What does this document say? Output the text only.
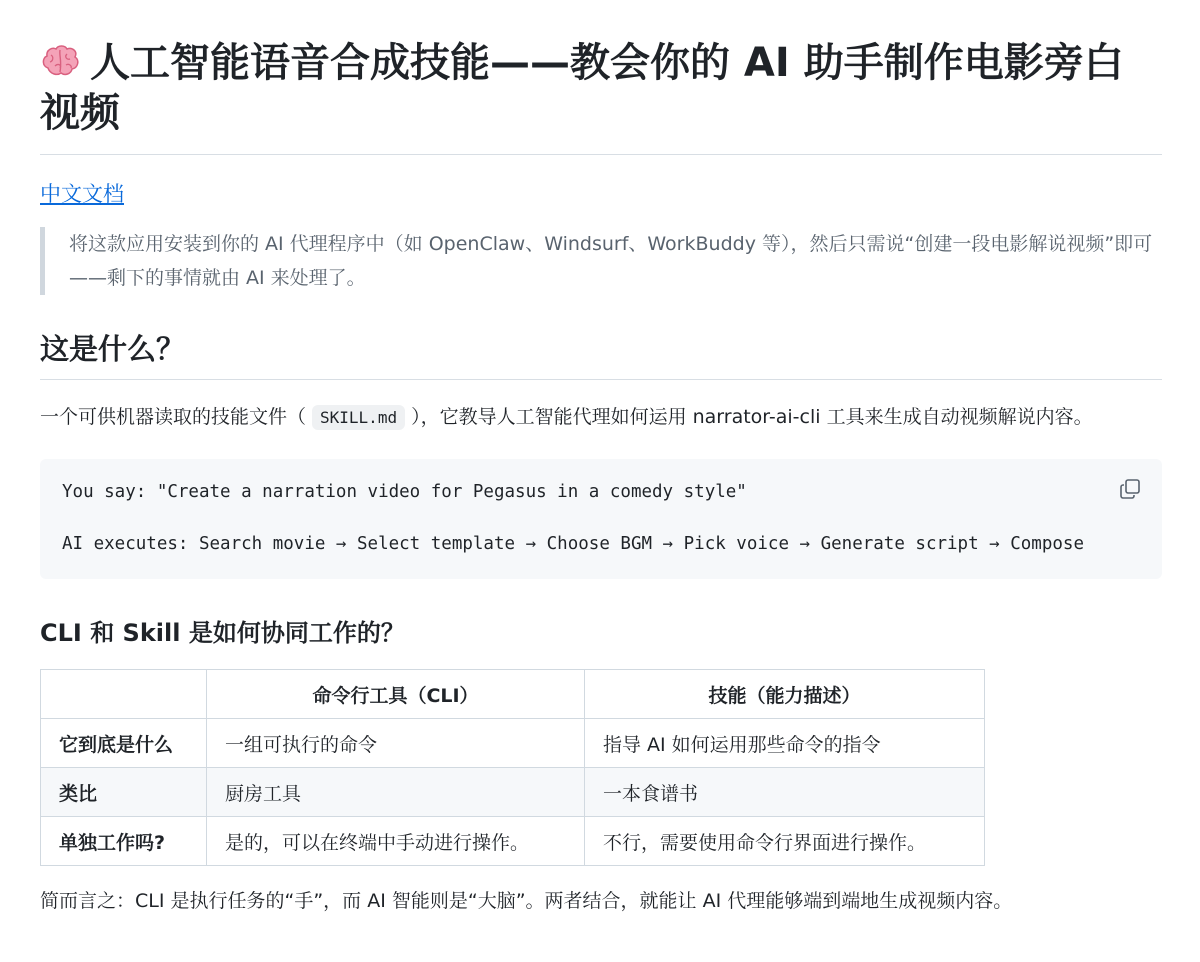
人工智能语音合成技能——教会你的 AI 助手制作电影旁白视频
中文文档
将这款应用安装到你的 AI 代理程序中（如 OpenClaw、Windsurf、WorkBuddy 等），然后只需说“创建一段电影解说视频”即可——剩下的事情就由 AI 来处理了。
这是什么？

一个可供机器读取的技能文件（ SKILL.md ），它教导人工智能代理如何运用 narrator-ai-cli 工具来生成自动视频解说内容。

You say: "Create a narration video for Pegasus in a comedy style"

AI executes: Search movie → Select template → Choose BGM → Pick voice → Generate script → Compose
CLI 和 Skill 是如何协同工作的？
	命令行工具（CLI）	技能（能力描述）
它到底是什么	一组可执行的命令	指导 AI 如何运用那些命令的指令
类比	厨房工具	一本食谱书
单独工作吗?	是的，可以在终端中手动进行操作。	不行，需要使用命令行界面进行操作。

简而言之：CLI 是执行任务的“手”，而 AI 智能则是“大脑”。两者结合，就能让 AI 代理能够端到端地生成视频内容。
